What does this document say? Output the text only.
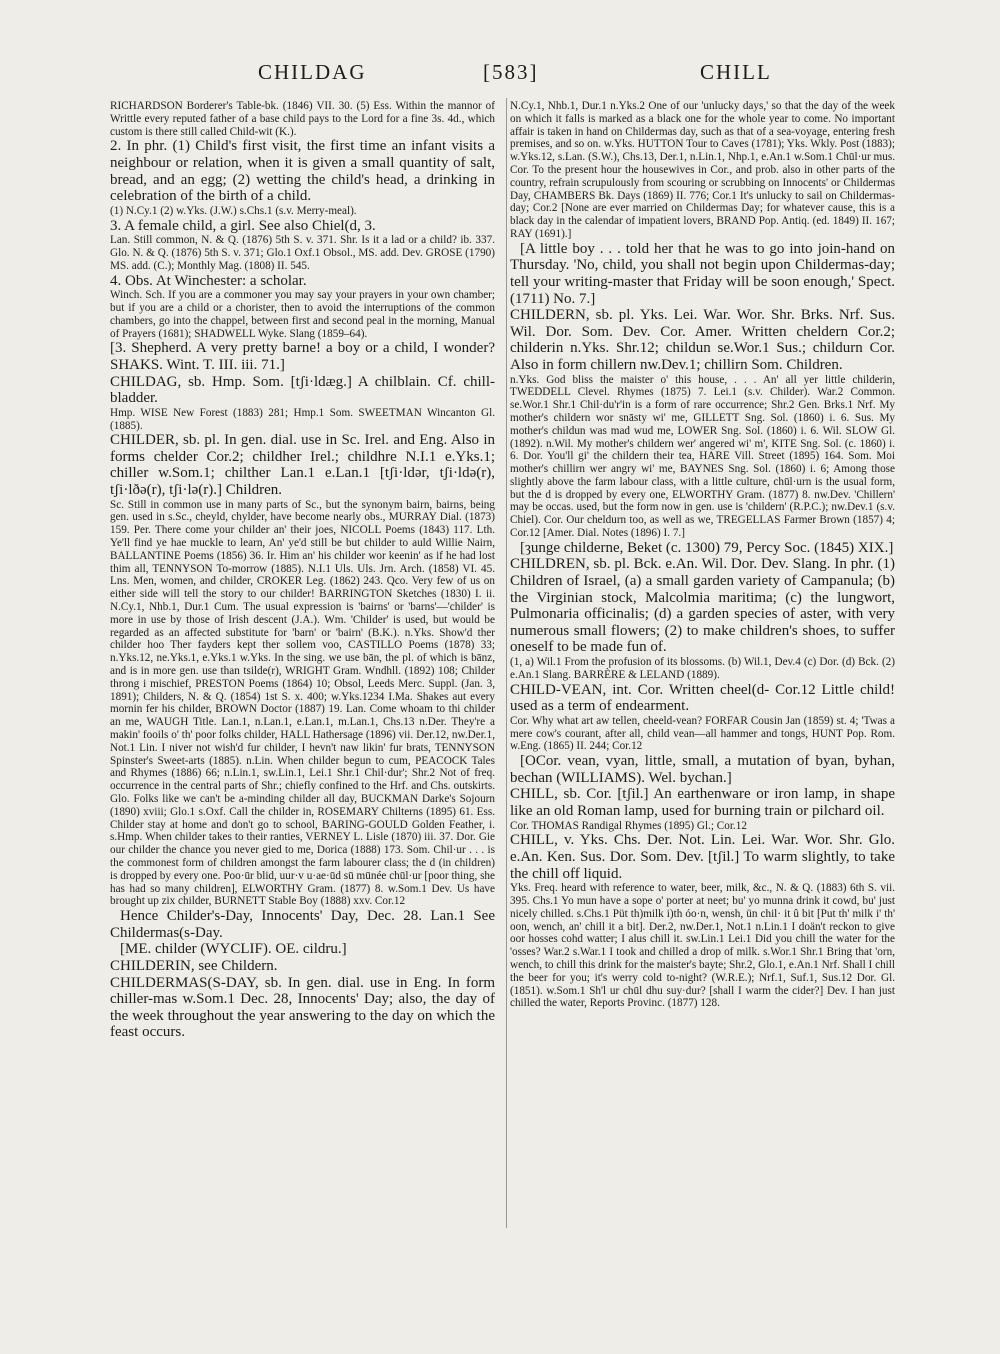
CHILDAG	[583]	CHILL

RICHARDSON Borderer's Table-bk. (1846) VII. 30. (5) Ess. Within the mannor of Writtle every reputed father of a base child pays to the Lord for a fine 3s. 4d., which custom is there still called Child-wit (K.).

2. In phr. (1) Child's first visit, the first time an infant visits a neighbour or relation, when it is given a small quantity of salt, bread, and an egg; (2) wetting the child's head, a drinking in celebration of the birth of a child.

(1) N.Cy.1 (2) w.Yks. (J.W.) s.Chs.1 (s.v. Merry-meal).

3. A female child, a girl. See also Chiel(d, 3.

Lan. Still common, N. & Q. (1876) 5th S. v. 371. Shr. Is it a lad or a child? ib. 337. Glo. N. & Q. (1876) 5th S. v. 371; Glo.1 Oxf.1 Obsol., MS. add. Dev. GROSE (1790) MS. add. (C.); Monthly Mag. (1808) II. 545.

4. Obs. At Winchester: a scholar.

Winch. Sch. If you are a commoner you may say your prayers in your own chamber; but if you are a child or a chorister, then to avoid the interruptions of the common chambers, go into the chappel, between first and second peal in the morning, Manual of Prayers (1681); SHADWELL Wyke. Slang (1859–64).

[3. Shepherd. A very pretty barne! a boy or a child, I wonder? SHAKS. Wint. T. III. iii. 71.]

CHILDAG, sb. Hmp. Som. [tʃi·ldæg.] A chilblain. Cf. chill-bladder.

Hmp. WISE New Forest (1883) 281; Hmp.1 Som. SWEETMAN Wincanton Gl. (1885).

CHILDER, sb. pl. In gen. dial. use in Sc. Irel. and Eng. Also in forms chelder Cor.2; childher Irel.; childhre N.I.1 e.Yks.1; chiller w.Som.1; chilther Lan.1 e.Lan.1 [tʃi·ldər, tʃi·ldə(r), tʃi·lðə(r), tʃi·lə(r).] Children.

Sc. Still in common use in many parts of Sc., but the synonym bairn, bairns, being gen. used in s.Sc., cheyld, chylder, have become nearly obs., MURRAY Dial. (1873) 159. Per. There come your childer an' their joes, NICOLL Poems (1843) 117. Lth. Ye'll find ye hae muckle to learn, An' ye'd still be but childer to auld Willie Nairn, BALLANTINE Poems (1856) 36. Ir. Him an' his childer wor keenin' as if he had lost thim all, TENNYSON To-morrow (1885). N.I.1 Uls. Uls. Jrn. Arch. (1858) VI. 45. Lns. Men, women, and childer, CROKER Leg. (1862) 243. Qco. Very few of us on either side will tell the story to our childer! BARRINGTON Sketches (1830) I. ii. N.Cy.1, Nhb.1, Dur.1 Cum. The usual expression is 'bairns' or 'barns'—'childer' is more in use by those of Irish descent (J.A.). Wm. 'Childer' is used, but would be regarded as an affected substitute for 'barn' or 'bairn' (B.K.). n.Yks. Show'd ther childer hoo Ther fayders kept ther sollem voo, CASTILLO Poems (1878) 33; n.Yks.12, ne.Yks.1, e.Yks.1 w.Yks. In the sing. we use bān, the pl. of which is bānz, and is in more gen. use than tsilde(r), WRIGHT Gram. Wndhll. (1892) 108; Childer throng i mischief, PRESTON Poems (1864) 10; Obsol, Leeds Merc. Suppl. (Jan. 3, 1891); Childers, N. & Q. (1854) 1st S. x. 400; w.Yks.1234 I.Ma. Shakes aut every mornin fer his childer, BROWN Doctor (1887) 19. Lan. Come whoam to thi childer an me, WAUGH Title. Lan.1, n.Lan.1, e.Lan.1, m.Lan.1, Chs.13 n.Der. They're a makin' fooils o' th' poor folks childer, HALL Hathersage (1896) vii. Der.12, nw.Der.1, Not.1 Lin. I niver not wish'd fur childer, I hevn't naw likin' fur brats, TENNYSON Spinster's Sweet-arts (1885). n.Lin. When childer begun to cum, PEACOCK Tales and Rhymes (1886) 66; n.Lin.1, sw.Lin.1, Lei.1 Shr.1 Chil·dur'; Shr.2 Not of freq. occurrence in the central parts of Shr.; chiefly confined to the Hrf. and Chs. outskirts. Glo. Folks like we can't be a-minding childer all day, BUCKMAN Darke's Sojourn (1890) xviii; Glo.1 s.Oxf. Call the childer in, ROSEMARY Chilterns (1895) 61. Ess. Childer stay at home and don't go to school, BARING-GOULD Golden Feather, i. s.Hmp. When childer takes to their ranties, VERNEY L. Lisle (1870) iii. 37. Dor. Gie our childer the chance you never gied to me, Dorica (1888) 173. Som. Chil·ur . . . is the commonest form of children amongst the farm labourer class; the d (in children) is dropped by every one. Poo·ūr blid, uur·v u·ae·ūd sū mūnée chūl·ur [poor thing, she has had so many children], ELWORTHY Gram. (1877) 8. w.Som.1 Dev. Us have brought up zix childer, BURNETT Stable Boy (1888) xxv. Cor.12

Hence Childer's-Day, Innocents' Day, Dec. 28. Lan.1 See Childermas(s-Day.

[ME. childer (WYCLIF). OE. cildru.]

CHILDERIN, see Childern.

CHILDERMAS(S-DAY, sb. In gen. dial. use in Eng. In form chiller-mas w.Som.1 Dec. 28, Innocents' Day; also, the day of the week throughout the year answering to the day on which the feast occurs.

N.Cy.1, Nhb.1, Dur.1 n.Yks.2 One of our 'unlucky days,' so that the day of the week on which it falls is marked as a black one for the whole year to come. No important affair is taken in hand on Childermas day, such as that of a sea-voyage, entering fresh premises, and so on. w.Yks. HUTTON Tour to Caves (1781); Yks. Wkly. Post (1883); w.Yks.12, s.Lan. (S.W.), Chs.13, Der.1, n.Lin.1, Nhp.1, e.An.1 w.Som.1 Chūl·ur mus. Cor. To the present hour the housewives in Cor., and prob. also in other parts of the country, refrain scrupulously from scouring or scrubbing on Innocents' or Childermas Day, CHAMBERS Bk. Days (1869) II. 776; Cor.1 It's unlucky to sail on Childermas-day; Cor.2 [None are ever married on Childermas Day; for whatever cause, this is a black day in the calendar of impatient lovers, BRAND Pop. Antiq. (ed. 1849) II. 167; RAY (1691).]

[A little boy . . . told her that he was to go into join-hand on Thursday. 'No, child, you shall not begin upon Childermas-day; tell your writing-master that Friday will be soon enough,' Spect. (1711) No. 7.]

CHILDERN, sb. pl. Yks. Lei. War. Wor. Shr. Brks. Nrf. Sus. Wil. Dor. Som. Dev. Cor. Amer. Written cheldern Cor.2; childerin n.Yks. Shr.12; childun se.Wor.1 Sus.; childurn Cor. Also in form chillern nw.Dev.1; chillirn Som. Children.

n.Yks. God bliss the maister o' this house, . . . An' all yer little childerin, TWEDDELL Clevel. Rhymes (1875) 7. Lei.1 (s.v. Childer). War.2 Common. se.Wor.1 Shr.1 Chil·du'r'in is a form of rare occurrence; Shr.2 Gen. Brks.1 Nrf. My mother's childern wor snāsty wi' me, GILLETT Sng. Sol. (1860) i. 6. Sus. My mother's childun was mad wud me, LOWER Sng. Sol. (1860) i. 6. Wil. SLOW Gl. (1892). n.Wil. My mother's childern wer' angered wi' m', KITE Sng. Sol. (c. 1860) i. 6. Dor. You'll gi' the childern their tea, HARE Vill. Street (1895) 164. Som. Moi mother's chillirn wer angry wi' me, BAYNES Sng. Sol. (1860) i. 6; Among those slightly above the farm labour class, with a little culture, chūl·urn is the usual form, but the d is dropped by every one, ELWORTHY Gram. (1877) 8. nw.Dev. 'Chillern' may be occas. used, but the form now in gen. use is 'childern' (R.P.C.); nw.Dev.1 (s.v. Chiel). Cor. Our cheldurn too, as well as we, TREGELLAS Farmer Brown (1857) 4; Cor.12 [Amer. Dial. Notes (1896) I. 7.]

[ȝunge childerne, Beket (c. 1300) 79, Percy Soc. (1845) XIX.]

CHILDREN, sb. pl. Bck. e.An. Wil. Dor. Dev. Slang. In phr. (1) Children of Israel, (a) a small garden variety of Campanula; (b) the Virginian stock, Malcolmia maritima; (c) the lungwort, Pulmonaria officinalis; (d) a garden species of aster, with very numerous small flowers; (2) to make children's shoes, to suffer oneself to be made fun of.

(1, a) Wil.1 From the profusion of its blossoms. (b) Wil.1, Dev.4 (c) Dor. (d) Bck. (2) e.An.1 Slang. BARRÈRE & LELAND (1889).

CHILD-VEAN, int. Cor. Written cheel(d- Cor.12 Little child! used as a term of endearment.

Cor. Why what art aw tellen, cheeld-vean? FORFAR Cousin Jan (1859) st. 4; 'Twas a mere cow's courant, after all, child vean—all hammer and tongs, HUNT Pop. Rom. w.Eng. (1865) II. 244; Cor.12

[OCor. vean, vyan, little, small, a mutation of byan, byhan, bechan (WILLIAMS). Wel. bychan.]

CHILL, sb. Cor. [tʃil.] An earthenware or iron lamp, in shape like an old Roman lamp, used for burning train or pilchard oil.

Cor. THOMAS Randigal Rhymes (1895) Gl.; Cor.12

CHILL, v. Yks. Chs. Der. Not. Lin. Lei. War. Wor. Shr. Glo. e.An. Ken. Sus. Dor. Som. Dev. [tʃil.] To warm slightly, to take the chill off liquid.

Yks. Freq. heard with reference to water, beer, milk, &c., N. & Q. (1883) 6th S. vii. 395. Chs.1 Yo mun have a sope o' porter at neet; bu' yo munna drink it cowd, bu' just nicely chilled. s.Chs.1 Püt th)milk i)th óo·n, wensh, ün chil· it û bit [Put th' milk i' th' oon, wench, an' chill it a bit]. Der.2, nw.Der.1, Not.1 n.Lin.1 I doän't reckon to give oor hosses cohd watter; I alus chill it. sw.Lin.1 Lei.1 Did you chill the water for the 'osses? War.2 s.War.1 I took and chilled a drop of milk. s.Wor.1 Shr.1 Bring that 'orn, wench, to chill this drink for the maister's bayte; Shr.2, Glo.1, e.An.1 Nrf. Shall I chill the beer for you; it's werry cold to-night? (W.R.E.); Nrf.1, Suf.1, Sus.12 Dor. Gl. (1851). w.Som.1 Sh'l ur chūl dhu suy·dur? [shall I warm the cider?] Dev. I han just chilled the water, Reports Provinc. (1877) 128.
